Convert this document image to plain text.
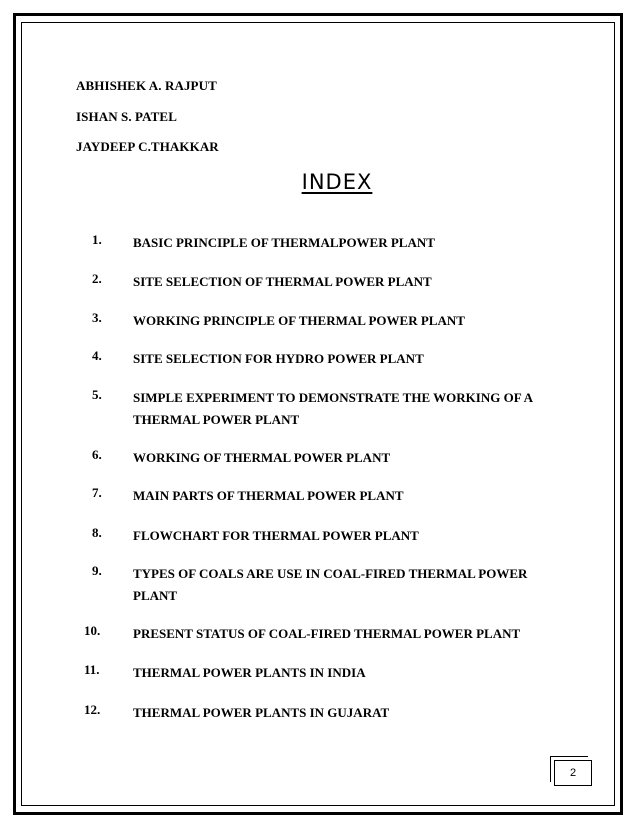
ABHISHEK A. RAJPUT
ISHAN S. PATEL
JAYDEEP C.THAKKAR
INDEX
1. BASIC PRINCIPLE OF THERMALPOWER PLANT
2. SITE SELECTION OF THERMAL POWER PLANT
3. WORKING PRINCIPLE OF THERMAL POWER PLANT
4. SITE SELECTION FOR HYDRO POWER PLANT
5. SIMPLE EXPERIMENT TO DEMONSTRATE THE WORKING OF A THERMAL POWER PLANT
6. WORKING OF THERMAL POWER PLANT
7. MAIN PARTS OF THERMAL POWER PLANT
8. FLOWCHART FOR THERMAL POWER PLANT
9. TYPES OF COALS ARE USE IN COAL-FIRED THERMAL POWER PLANT
10.	PRESENT STATUS OF COAL-FIRED THERMAL POWER PLANT
11.	THERMAL POWER PLANTS IN INDIA
12.	THERMAL POWER PLANTS IN GUJARAT
2
